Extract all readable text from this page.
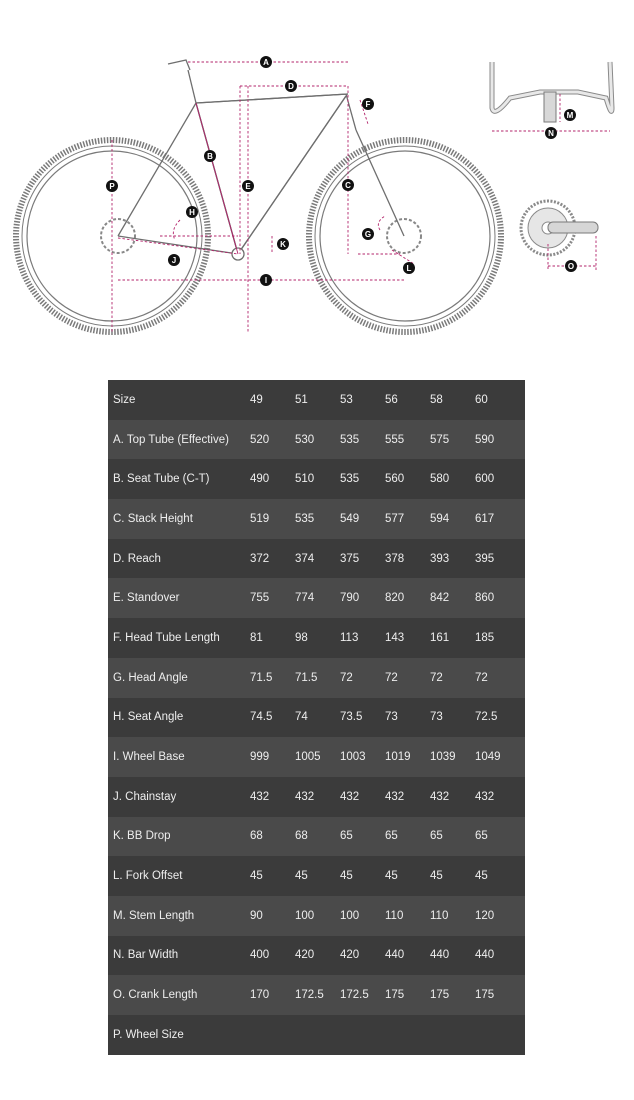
A
D
F
B
E	C
P
H
G
K
J
L
I
M
N
O
Size	49	51	53	56	58	60
A. Top Tube (Effective)	520	530	535	555	575	590
B. Seat Tube (C-T)	490	510	535	560	580	600
C. Stack Height	519	535	549	577	594	617
D. Reach	372	374	375	378	393	395
E. Standover	755	774	790	820	842	860
F. Head Tube Length	81	98	113	143	161	185
G. Head Angle	71.5	71.5	72	72	72	72
H. Seat Angle	74.5	74	73.5	73	73	72.5
I. Wheel Base	999	1005	1003	1019	1039	1049
J. Chainstay	432	432	432	432	432	432
K. BB Drop	68	68	65	65	65	65
L. Fork Offset	45	45	45	45	45	45
M. Stem Length	90	100	100	110	110	120
N. Bar Width	400	420	420	440	440	440
O. Crank Length	170	172.5	172.5	175	175	175
P. Wheel Size						
